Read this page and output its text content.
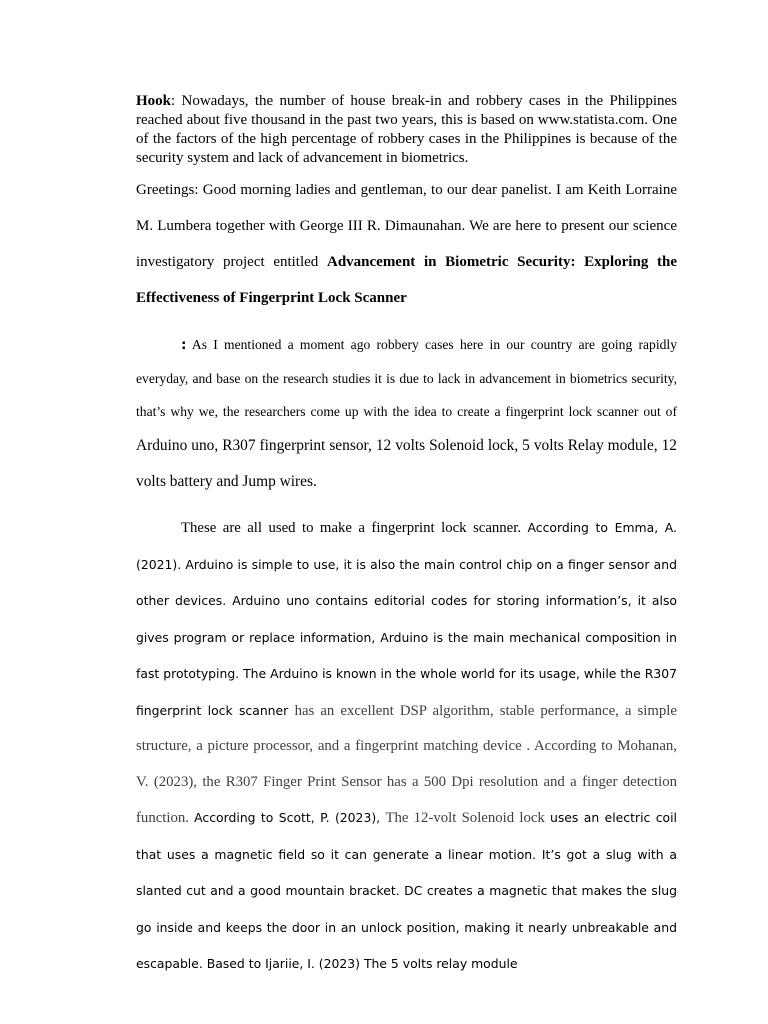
Hook: Nowadays, the number of house break-in and robbery cases in the Philippines reached about five thousand in the past two years, this is based on www.statista.com. One of the factors of the high percentage of robbery cases in the Philippines is because of the security system and lack of advancement in biometrics.

Greetings: Good morning ladies and gentleman, to our dear panelist. I am Keith Lorraine M. Lumbera together with George III R. Dimaunahan. We are here to present our science investigatory project entitled Advancement in Biometric Security: Exploring the Effectiveness of Fingerprint Lock Scanner

: As I mentioned a moment ago robbery cases here in our country are going rapidly everyday, and base on the research studies it is due to lack in advancement in biometrics security, that’s why we, the researchers come up with the idea to create a fingerprint lock scanner out of Arduino uno, R307 fingerprint sensor, 12 volts Solenoid lock, 5 volts Relay module, 12 volts battery and Jump wires.

These are all used to make a fingerprint lock scanner. According to Emma, A. (2021). Arduino is simple to use, it is also the main control chip on a finger sensor and other devices. Arduino uno contains editorial codes for storing information’s, it also gives program or replace information, Arduino is the main mechanical composition in fast prototyping. The Arduino is known in the whole world for its usage, while the R307 fingerprint lock scanner has an excellent DSP algorithm, stable performance, a simple structure, a picture processor, and a fingerprint matching device . According to Mohanan, V. (2023), the R307 Finger Print Sensor has a 500 Dpi resolution and a finger detection function. According to Scott, P. (2023), The 12-volt Solenoid lock uses an electric coil that uses a magnetic field so it can generate a linear motion. It’s got a slug with a slanted cut and a good mountain bracket. DC creates a magnetic that makes the slug go inside and keeps the door in an unlock position, making it nearly unbreakable and escapable. Based to Ijariie, I. (2023) The 5 volts relay module
